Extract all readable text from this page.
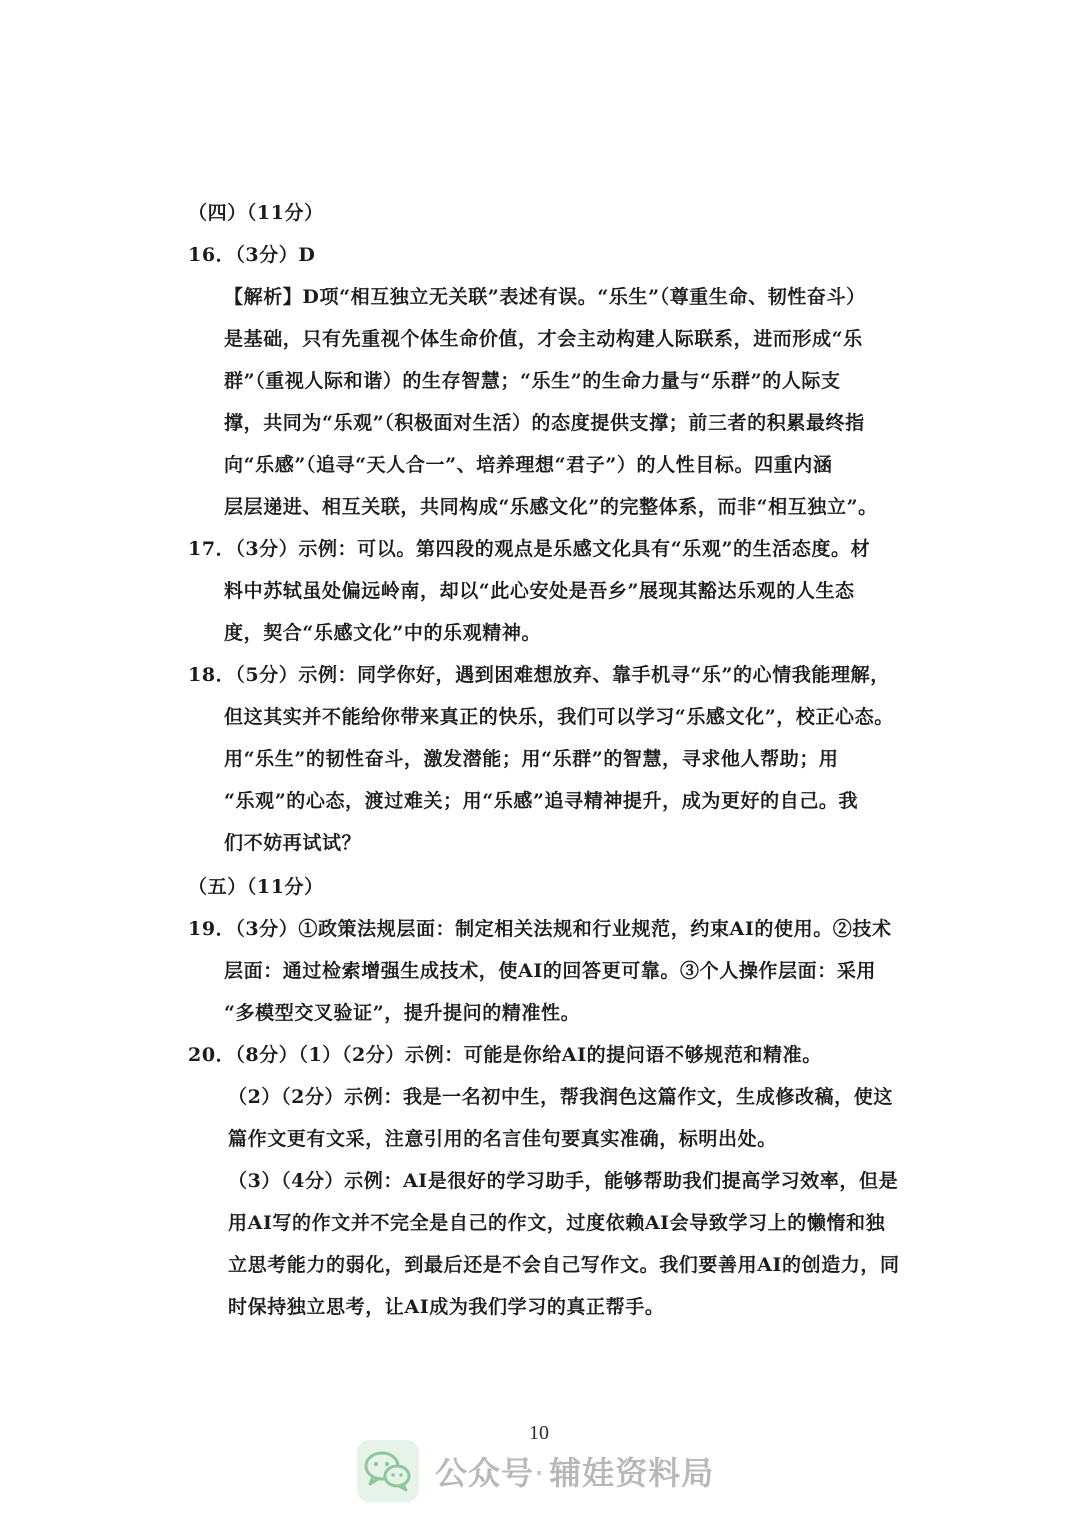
（四）（11分）
16．（3分）D
【解析】D项“相互独立无关联”表述有误。“乐生”（尊重生命、韧性奋斗）
是基础，只有先重视个体生命价值，才会主动构建人际联系，进而形成“乐
群”（重视人际和谐）的生存智慧；“乐生”的生命力量与“乐群”的人际支
撑，共同为“乐观”（积极面对生活）的态度提供支撑；前三者的积累最终指
向“乐感”（追寻“天人合一”、培养理想“君子”）的人性目标。四重内涵
层层递进、相互关联，共同构成“乐感文化”的完整体系，而非“相互独立”。
17．（3分）示例：可以。第四段的观点是乐感文化具有“乐观”的生活态度。材
料中苏轼虽处偏远岭南，却以“此心安处是吾乡”展现其豁达乐观的人生态
度，契合“乐感文化”中的乐观精神。
18．（5分）示例：同学你好，遇到困难想放弃、靠手机寻“乐”的心情我能理解，
但这其实并不能给你带来真正的快乐，我们可以学习“乐感文化”，校正心态。
用“乐生”的韧性奋斗，激发潜能；用“乐群”的智慧，寻求他人帮助；用
“乐观”的心态，渡过难关；用“乐感”追寻精神提升，成为更好的自己。我
们不妨再试试？
（五）（11分）
19．（3分）①政策法规层面：制定相关法规和行业规范，约束AI的使用。②技术
层面：通过检索增强生成技术，使AI的回答更可靠。③个人操作层面：采用
“多模型交叉验证”，提升提问的精准性。
20．（8分）（1）（2分）示例：可能是你给AI的提问语不够规范和精准。
（2）（2分）示例：我是一名初中生，帮我润色这篇作文，生成修改稿，使这
篇作文更有文采，注意引用的名言佳句要真实准确，标明出处。
（3）（4分）示例：AI是很好的学习助手，能够帮助我们提高学习效率，但是
用AI写的作文并不完全是自己的作文，过度依赖AI会导致学习上的懒惰和独
立思考能力的弱化，到最后还是不会自己写作文。我们要善用AI的创造力，同
时保持独立思考，让AI成为我们学习的真正帮手。
公众号· 辅娃资料局
10
